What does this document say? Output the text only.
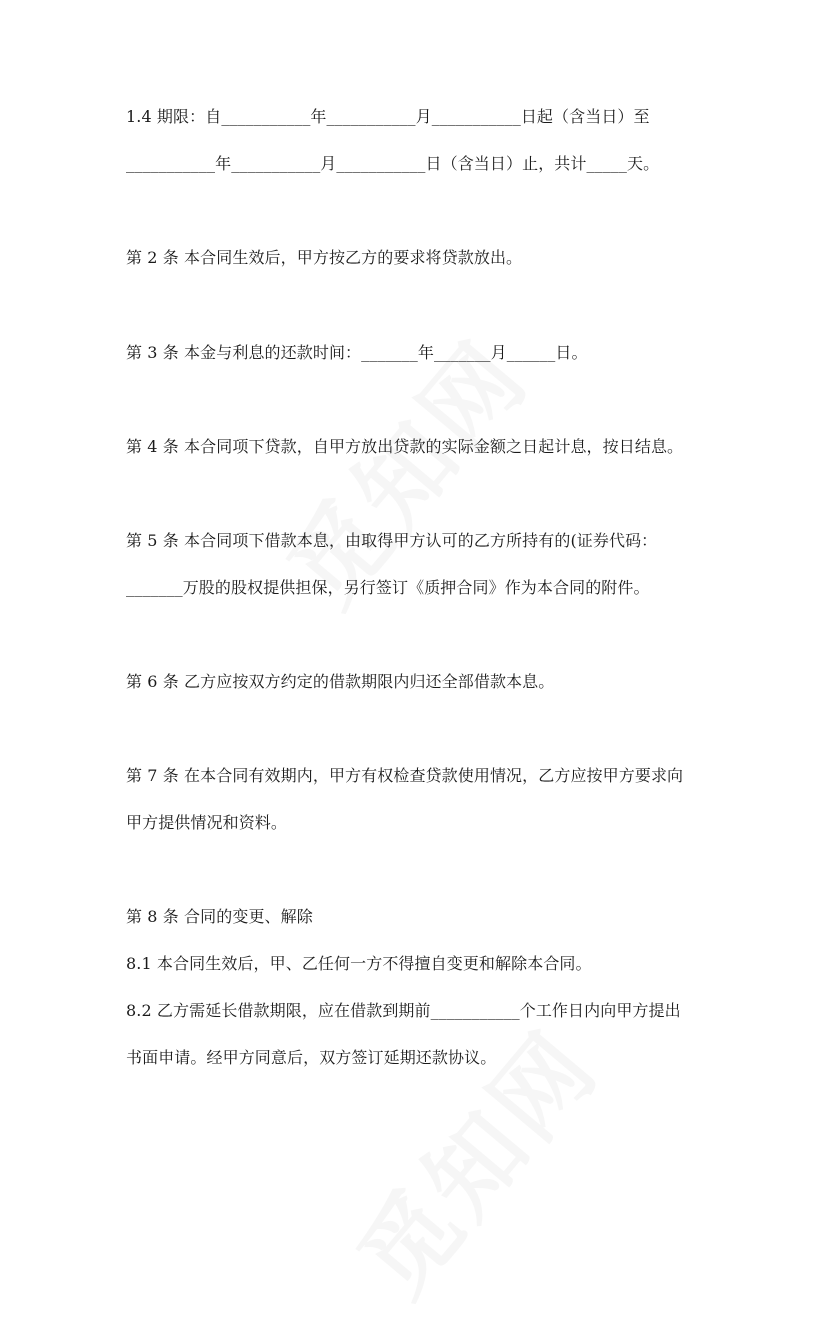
1.4 期限：自___________年___________月___________日起（含当日）至
___________年___________月___________日（含当日）止，共计_____天。
第 2 条 本合同生效后，甲方按乙方的要求将贷款放出。
第 3 条 本金与利息的还款时间：_______年_______月______日。
第 4 条 本合同项下贷款，自甲方放出贷款的实际金额之日起计息，按日结息。
第 5 条 本合同项下借款本息，由取得甲方认可的乙方所持有的(证券代码：
_______万股的股权提供担保，另行签订《质押合同》作为本合同的附件。
第 6 条 乙方应按双方约定的借款期限内归还全部借款本息。
第 7 条 在本合同有效期内，甲方有权检查贷款使用情况，乙方应按甲方要求向
甲方提供情况和资料。
第 8 条 合同的变更、解除
8.1 本合同生效后，甲、乙任何一方不得擅自变更和解除本合同。
8.2 乙方需延长借款期限，应在借款到期前___________个工作日内向甲方提出
书面申请。经甲方同意后，双方签订延期还款协议。
